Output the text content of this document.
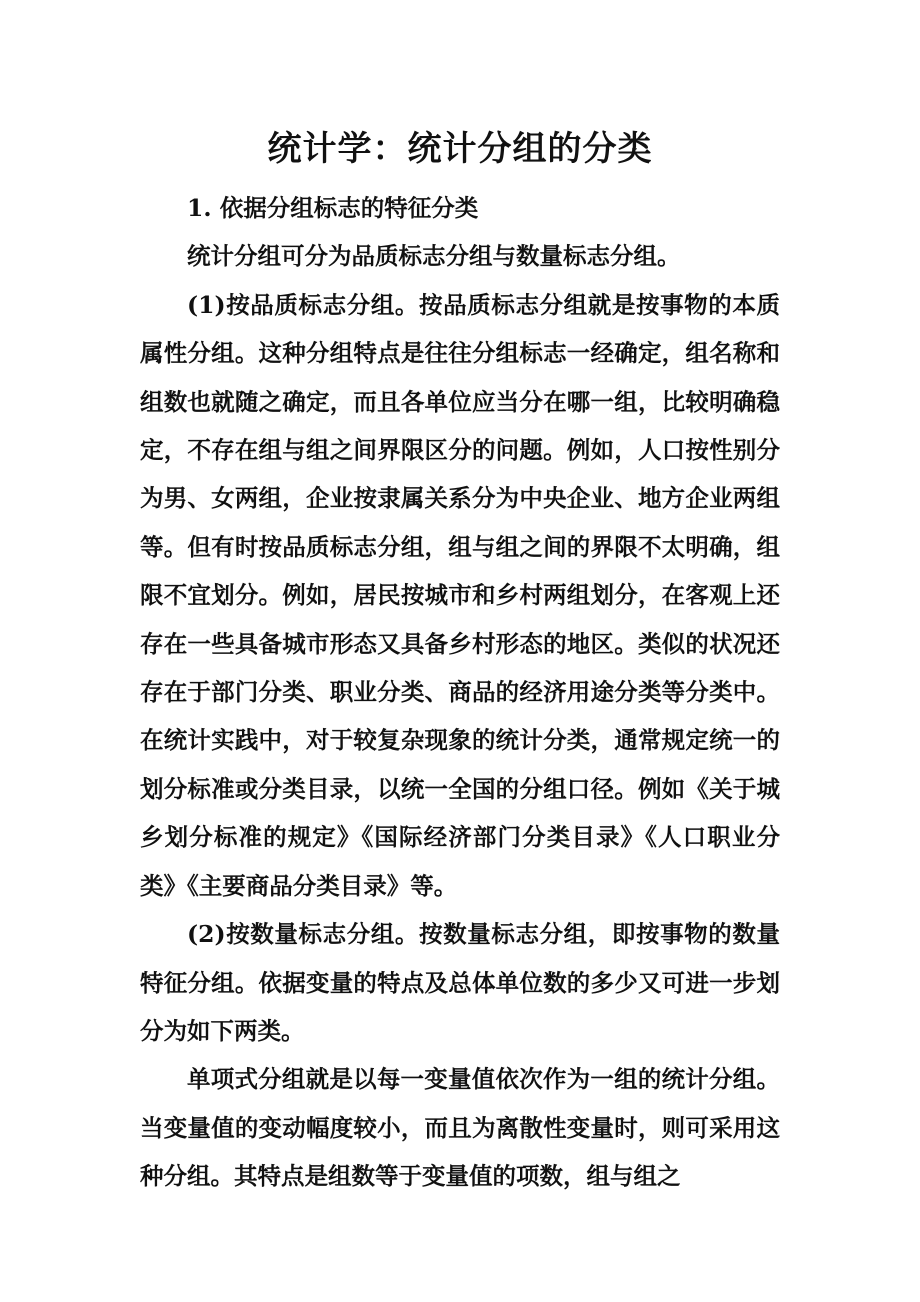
统计学：统计分组的分类

1. 依据分组标志的特征分类

统计分组可分为品质标志分组与数量标志分组。

(1)按品质标志分组。按品质标志分组就是按事物的本质属性分组。这种分组特点是往往分组标志一经确定，组名称和组数也就随之确定，而且各单位应当分在哪一组，比较明确稳定，不存在组与组之间界限区分的问题。例如，人口按性别分为男、女两组，企业按隶属关系分为中央企业、地方企业两组等。但有时按品质标志分组，组与组之间的界限不太明确，组限不宜划分。例如，居民按城市和乡村两组划分，在客观上还存在一些具备城市形态又具备乡村形态的地区。类似的状况还存在于部门分类、职业分类、商品的经济用途分类等分类中。在统计实践中，对于较复杂现象的统计分类，通常规定统一的划分标准或分类目录，以统一全国的分组口径。例如《关于城乡划分标准的规定》《国际经济部门分类目录》《人口职业分类》《主要商品分类目录》等。

(2)按数量标志分组。按数量标志分组，即按事物的数量特征分组。依据变量的特点及总体单位数的多少又可进一步划分为如下两类。

单项式分组就是以每一变量值依次作为一组的统计分组。当变量值的变动幅度较小，而且为离散性变量时，则可采用这种分组。其特点是组数等于变量值的项数，组与组之
